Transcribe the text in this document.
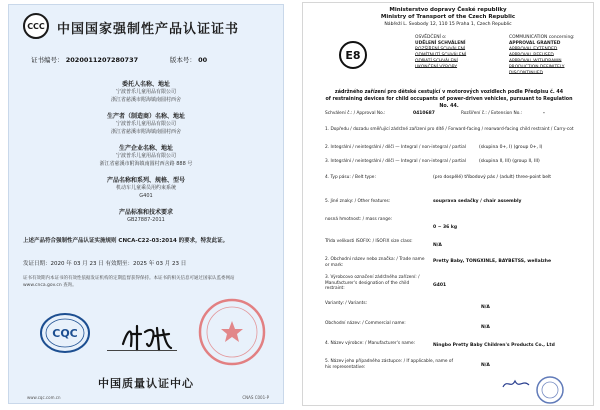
CCC 中国国家强制性产品认证证书
证书编号： 2020011207280737	版本号： 00
委托人名称、地址
宁波普乐儿童用品有限公司
浙江省慈溪市附海镇南圆村西舍
生产者（制造商）名称、地址
宁波普乐儿童用品有限公司
浙江省慈溪市附海镇南圆村西舍
生产企业名称、地址
宁波普乐儿童用品有限公司
浙江省慈溪市附海镇南圆村西舍路 888 号
产品名称和系列、规格、型号
机动车儿童乘员用约束系统
G401
产品标准和技术要求
GB27887-2011
上述产品符合强制性产品认证实施规则 CNCA-C22-03:2014 的要求，特发此证。
发证日期：2020 年 03 月 23 日 有效期至：2025 年 03 月 23 日
证书有效期内本证书的有效性依据发证机构的定期监督获得保持。本证书的相关信息可通过国家认监委网站 www.cnca.gov.cn 查询。
CQC
中国质量认证中心
www.cqc.com.cn	CNAS C001-P
Ministerstvo dopravy České republiky
Ministry of Transport of the Czech Republic
Nábřeží L. Svobody 12, 110 15 Praha 1, Czech Republic
E8
OSVĚDČENÍ o:
UDĚLENÍ SCHVÁLENÍ
ROZŠÍŘENÍ SCHVÁLENÍ
ODMÍTNUTÍ SCHVÁLENÍ
ODŇATÍ SCHVÁLENÍ
UKONČENÍ VÝROBY
COMMUNICATION concerning:
APPROVAL GRANTED
APPROVAL EXTENDED
APPROVAL REFUSED
APPROVAL WITHDRAWN
PRODUCTION DEFINITELY DISCONTINUED
zádržného zařízení pro dětské cestující v motorových vozidlech podle Předpisu č. 44
of restraining devices for child occupants of power-driven vehicles, pursuant to Regulation No. 44.
Schválení č.: / Approval No.:	0410687	Rozšíření č.: / Extension No.:	-
1. Dopředu / dozadu směřující zádržné zařízení pro dítě / Forward-facing / rearward-facing child restraint / Carry-cot
2. Integrální / neintegrální / dílčí — Integral / non-integral / partial	(skupina 0+, I) (group 0+, I)
3. Integrální / neintegrální / dílčí — Integral / non-integral / partial	(skupina II, III) (group II, III)
4. Typ pásu: / Belt type:	(pro dospělé) tříbodový pás / (adult) three-point belt
5. Jiné znaky: / Other features:	souprava sedačky / chair assembly
nosná hmotnost: / mass range:
0 ~ 36 kg
Třída velikosti ISOFIX: / ISOFIX size class:
N/A
2. Obchodní název nebo značka: / Trade name or mark:
Pretty Baby, TONGXINLE, BAYBETSS, wellalzhe
3. Výrobcovo označení zádržného zařízení: / Manufacturer's designation of the child restraint:
G401
Varianty: / Variants:
N/A
Obchodní název: / Commercial name:
N/A
4. Název výrobce: / Manufacturer's name:	Ningbo Pretty Baby Children's Products Co., Ltd
5. Název jeho případného zástupce: / If applicable, name of his representative:	N/A
